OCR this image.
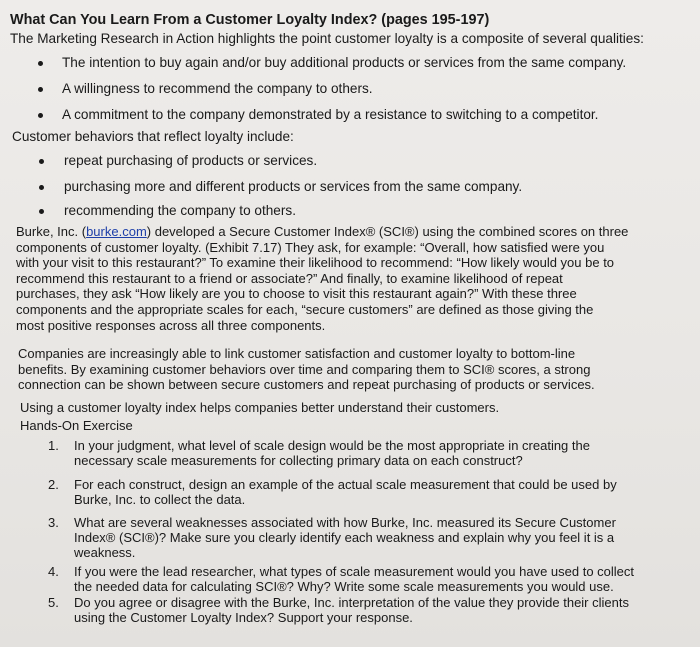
What Can You Learn From a Customer Loyalty Index? (pages 195-197)
The Marketing Research in Action highlights the point customer loyalty is a composite of several qualities:
The intention to buy again and/or buy additional products or services from the same company.
A willingness to recommend the company to others.
A commitment to the company demonstrated by a resistance to switching to a competitor.
Customer behaviors that reflect loyalty include:
repeat purchasing of products or services.
purchasing more and different products or services from the same company.
recommending the company to others.
Burke, Inc. (burke.com) developed a Secure Customer Index® (SCI®) using the combined scores on three
components of customer loyalty. (Exhibit 7.17) They ask, for example: “Overall, how satisfied were you
with your visit to this restaurant?” To examine their likelihood to recommend: “How likely would you be to
recommend this restaurant to a friend or associate?” And finally, to examine likelihood of repeat
purchases, they ask “How likely are you to choose to visit this restaurant again?” With these three
components and the appropriate scales for each, “secure customers” are defined as those giving the
most positive responses across all three components.
Companies are increasingly able to link customer satisfaction and customer loyalty to bottom-line
benefits. By examining customer behaviors over time and comparing them to SCI® scores, a strong
connection can be shown between secure customers and repeat purchasing of products or services.
Using a customer loyalty index helps companies better understand their customers.
Hands-On Exercise
1. In your judgment, what level of scale design would be the most appropriate in creating the
necessary scale measurements for collecting primary data on each construct?
2. For each construct, design an example of the actual scale measurement that could be used by
Burke, Inc. to collect the data.
3. What are several weaknesses associated with how Burke, Inc. measured its Secure Customer
Index® (SCI®)? Make sure you clearly identify each weakness and explain why you feel it is a
weakness.
4. If you were the lead researcher, what types of scale measurement would you have used to collect
the needed data for calculating SCI®? Why? Write some scale measurements you would use.
5. Do you agree or disagree with the Burke, Inc. interpretation of the value they provide their clients
using the Customer Loyalty Index? Support your response.
